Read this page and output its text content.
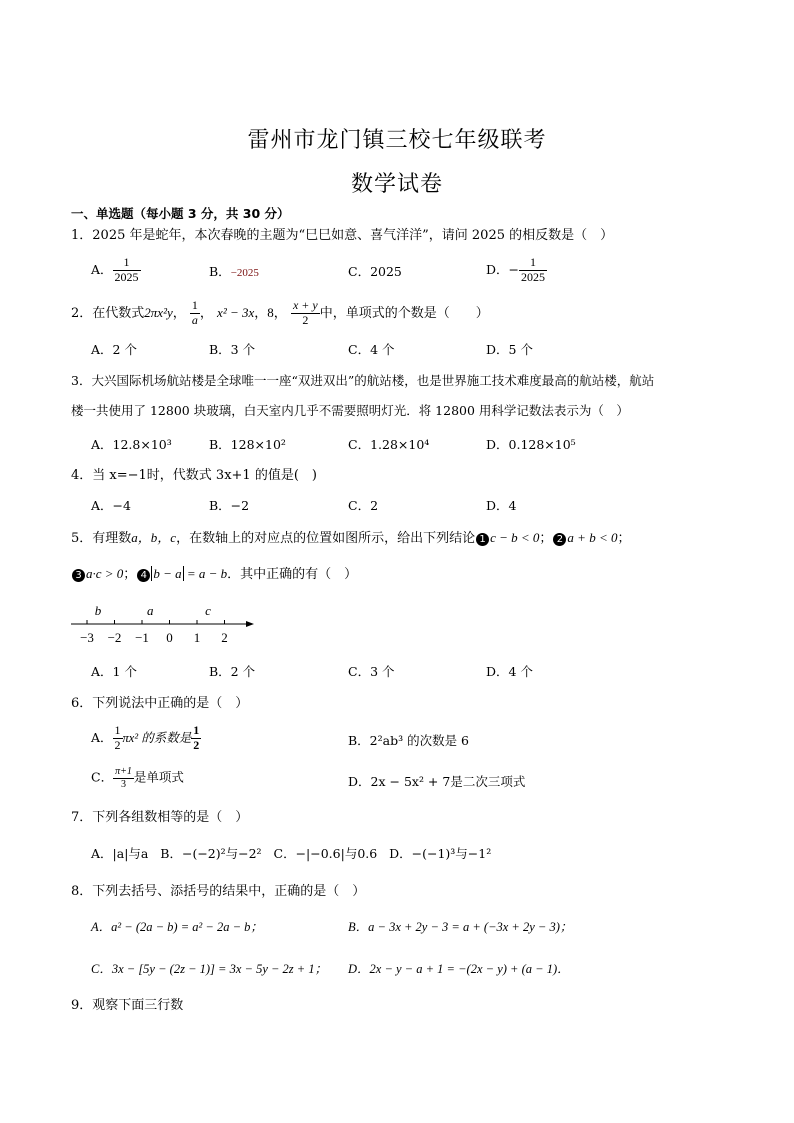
雷州市龙门镇三校七年级联考
数学试卷
一、单选题（每小题 3 分，共 30 分）
1．2025 年是蛇年，本次春晚的主题为“巳巳如意、喜气洋洋”，请问 2025 的相反数是（　）
A． $\frac{1}{2025}$	B．−2025	C．2025	D．− $\frac{1}{2025}$
2．在代数式2πx²y， $\frac{1}{a}$ ， x² − 3x，8， $\frac{x + y}{2}$ 中，单项式的个数是（　　）
A．2 个	B．3 个	C．4 个	D．5 个
3．大兴国际机场航站楼是全球唯一一座“双进双出”的航站楼，也是世界施工技术难度最高的航站楼，航站
楼一共使用了 12800 块玻璃，白天室内几乎不需要照明灯光．将 12800 用科学记数法表示为（　）
A．12.8×10³	B．128×10²	C．1.28×10⁴	D．0.128×10⁵
4．当 x=−1时，代数式 3x+1 的值是(　)
A．−4	B．−2	C．2	D．4
5．有理数a，b，c，在数轴上的对应点的位置如图所示，给出下列结论 1 c − b < 0； 2 a + b < 0；
3 a·c > 0； 4 b − a = a − b．其中正确的有（　）
−3 −2 −1 0 1 2
b	a	c
A．1 个	B．2 个	C．3 个	D．4 个
6．下列说法中正确的是（　）
A． $\frac{1}{2} \pi x^2$ 的系数是 $\frac{1}{2}$	B．2²ab³ 的次数是 6
C． $\frac{\pi+1}{3}$ 是单项式	D．2x − 5x² + 7是二次三项式
7．下列各组数相等的是（　）
A．|a|与a B．−(−2)²与−2² C．−|−0.6|与0.6 D．−(−1)³与−1²
8．下列去括号、添括号的结果中，正确的是（　）
A．a² − (2a − b) = a² − 2a − b；	B．a − 3x + 2y − 3 = a + (−3x + 2y − 3)；
C．3x − [5y − (2z − 1)] = 3x − 5y − 2z + 1； D．2x − y − a + 1 = −(2x − y) + (a − 1)．
9．观察下面三行数
